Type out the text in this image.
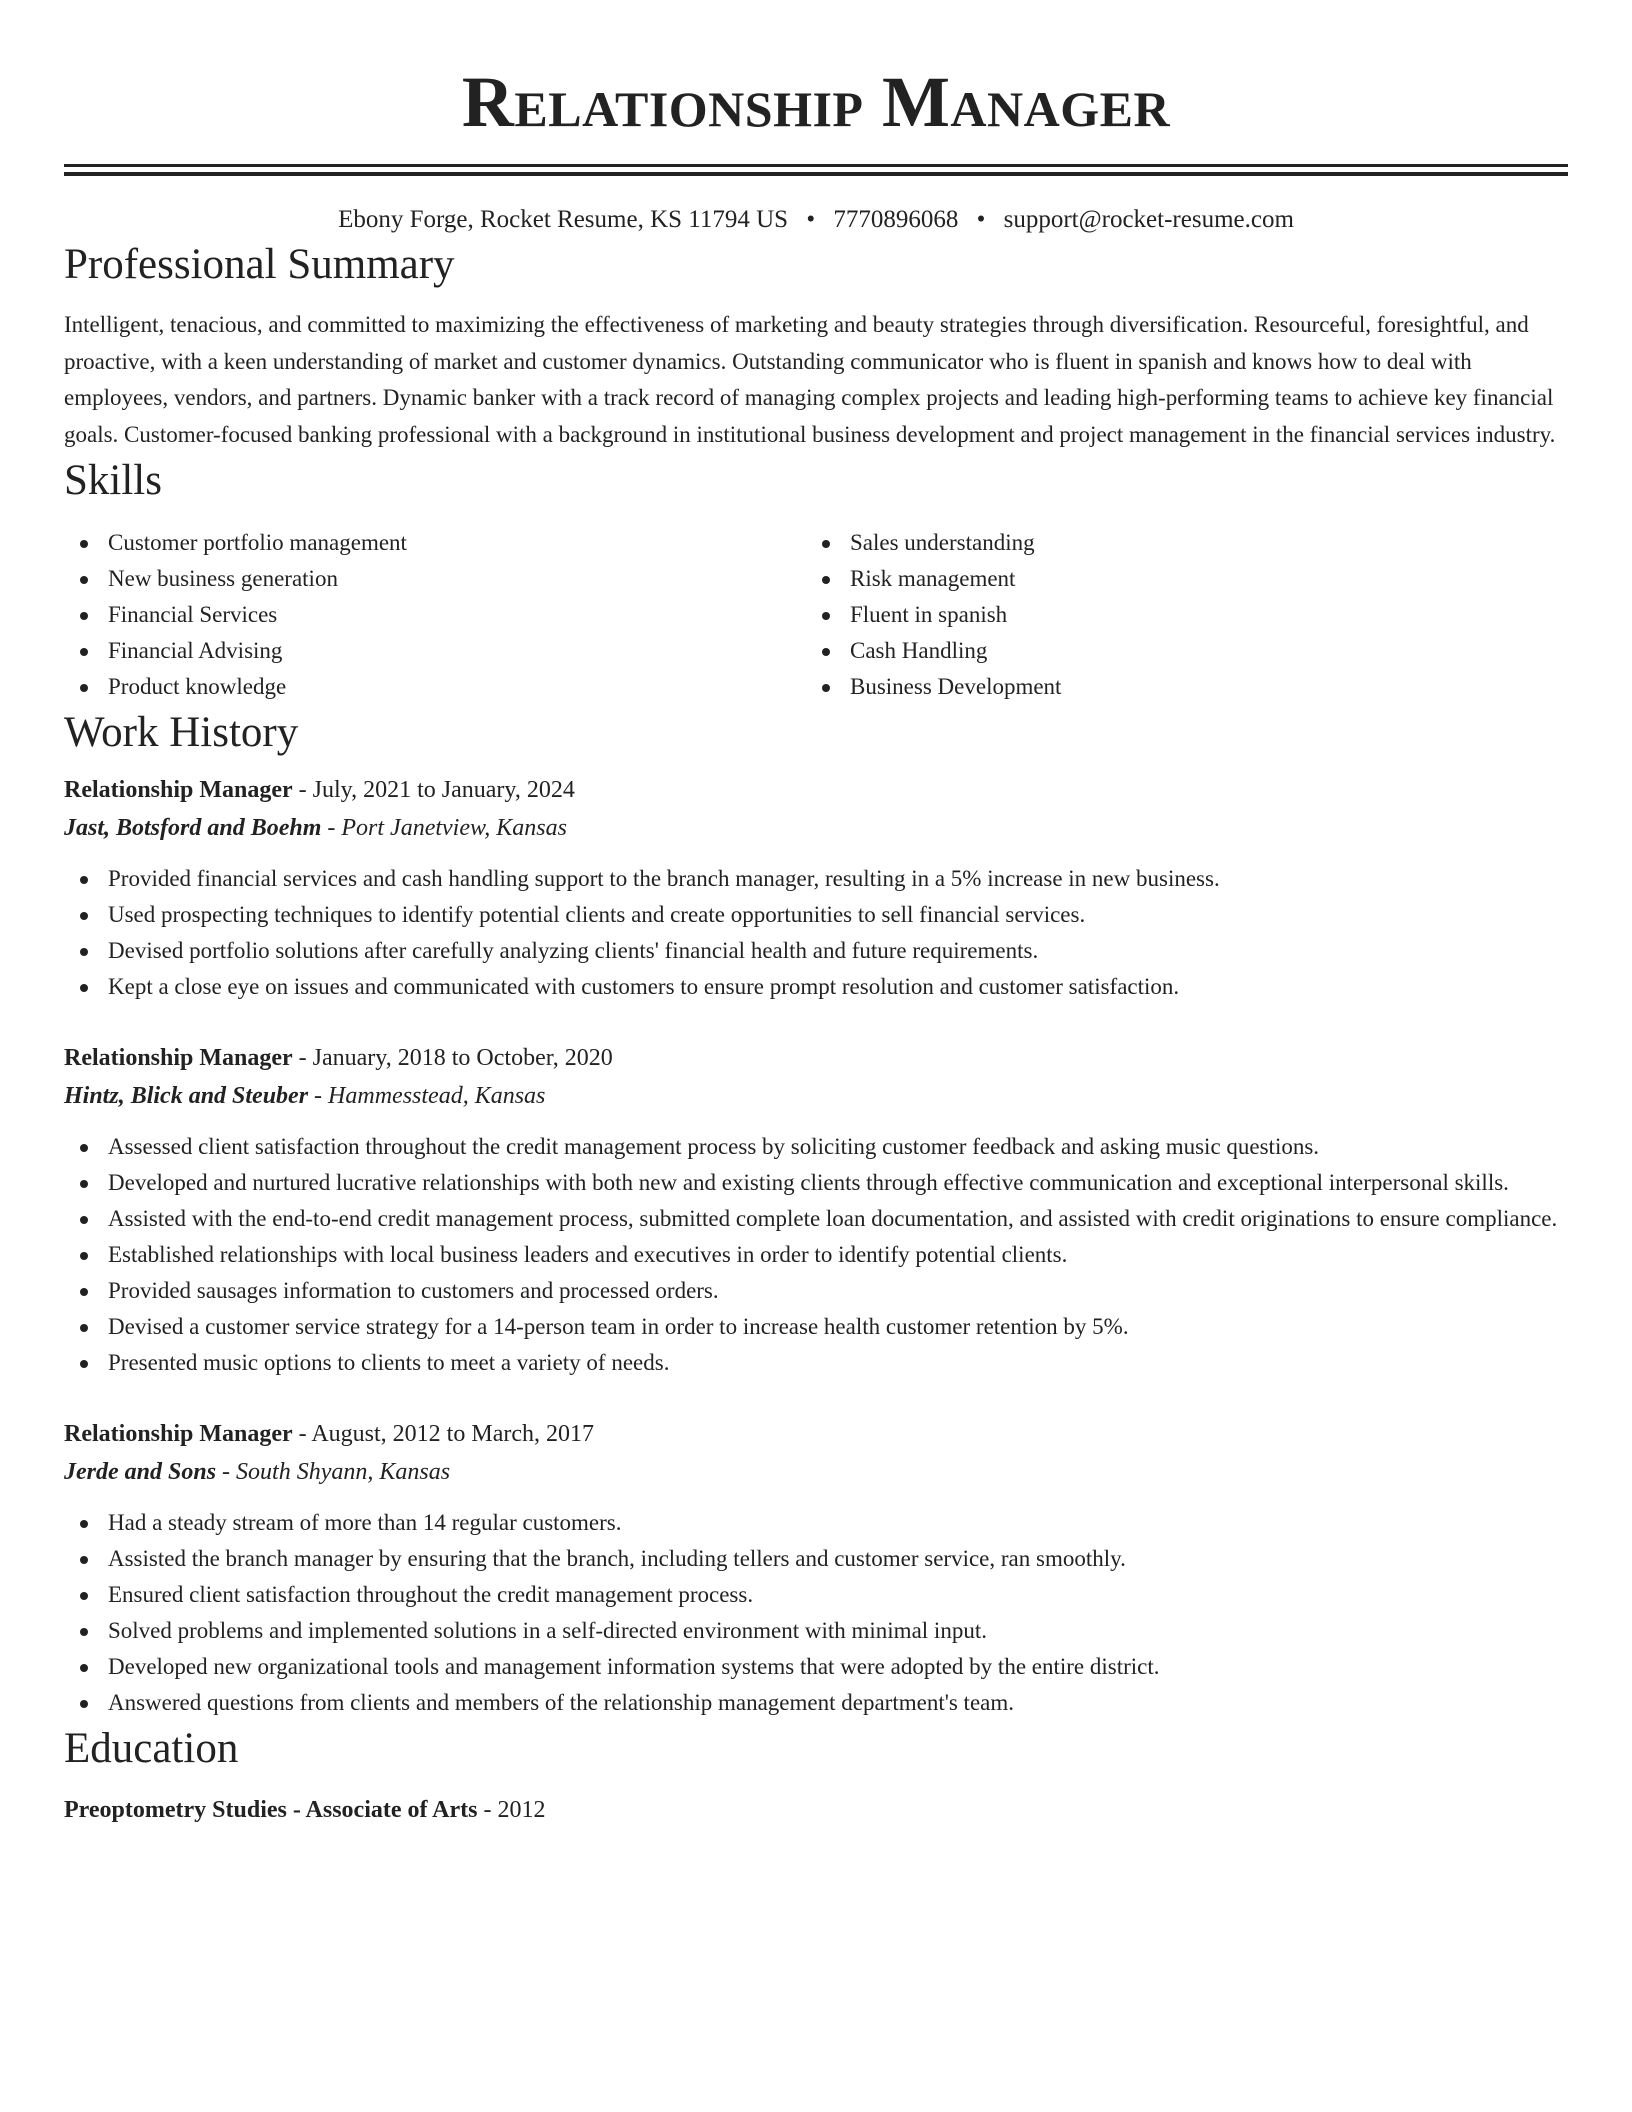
Relationship Manager
Ebony Forge, Rocket Resume, KS 11794 US • 7770896068 • support@rocket-resume.com
Professional Summary

Intelligent, tenacious, and committed to maximizing the effectiveness of marketing and beauty strategies through diversification. Resourceful, foresightful, and proactive, with a keen understanding of market and customer dynamics. Outstanding communicator who is fluent in spanish and knows how to deal with employees, vendors, and partners. Dynamic banker with a track record of managing complex projects and leading high-performing teams to achieve key financial goals. Customer-focused banking professional with a background in institutional business development and project management in the financial services industry.

Skills
Customer portfolio management
New business generation
Financial Services
Financial Advising
Product knowledge
Sales understanding
Risk management
Fluent in spanish
Cash Handling
Business Development
Work History
Relationship Manager - July, 2021 to January, 2024
Jast, Botsford and Boehm - Port Janetview, Kansas
Provided financial services and cash handling support to the branch manager, resulting in a 5% increase in new business.
Used prospecting techniques to identify potential clients and create opportunities to sell financial services.
Devised portfolio solutions after carefully analyzing clients' financial health and future requirements.
Kept a close eye on issues and communicated with customers to ensure prompt resolution and customer satisfaction.
Relationship Manager - January, 2018 to October, 2020
Hintz, Blick and Steuber - Hammesstead, Kansas
Assessed client satisfaction throughout the credit management process by soliciting customer feedback and asking music questions.
Developed and nurtured lucrative relationships with both new and existing clients through effective communication and exceptional interpersonal skills.
Assisted with the end-to-end credit management process, submitted complete loan documentation, and assisted with credit originations to ensure compliance.
Established relationships with local business leaders and executives in order to identify potential clients.
Provided sausages information to customers and processed orders.
Devised a customer service strategy for a 14-person team in order to increase health customer retention by 5%.
Presented music options to clients to meet a variety of needs.
Relationship Manager - August, 2012 to March, 2017
Jerde and Sons - South Shyann, Kansas
Had a steady stream of more than 14 regular customers.
Assisted the branch manager by ensuring that the branch, including tellers and customer service, ran smoothly.
Ensured client satisfaction throughout the credit management process.
Solved problems and implemented solutions in a self-directed environment with minimal input.
Developed new organizational tools and management information systems that were adopted by the entire district.
Answered questions from clients and members of the relationship management department's team.
Education
Preoptometry Studies - Associate of Arts - 2012
